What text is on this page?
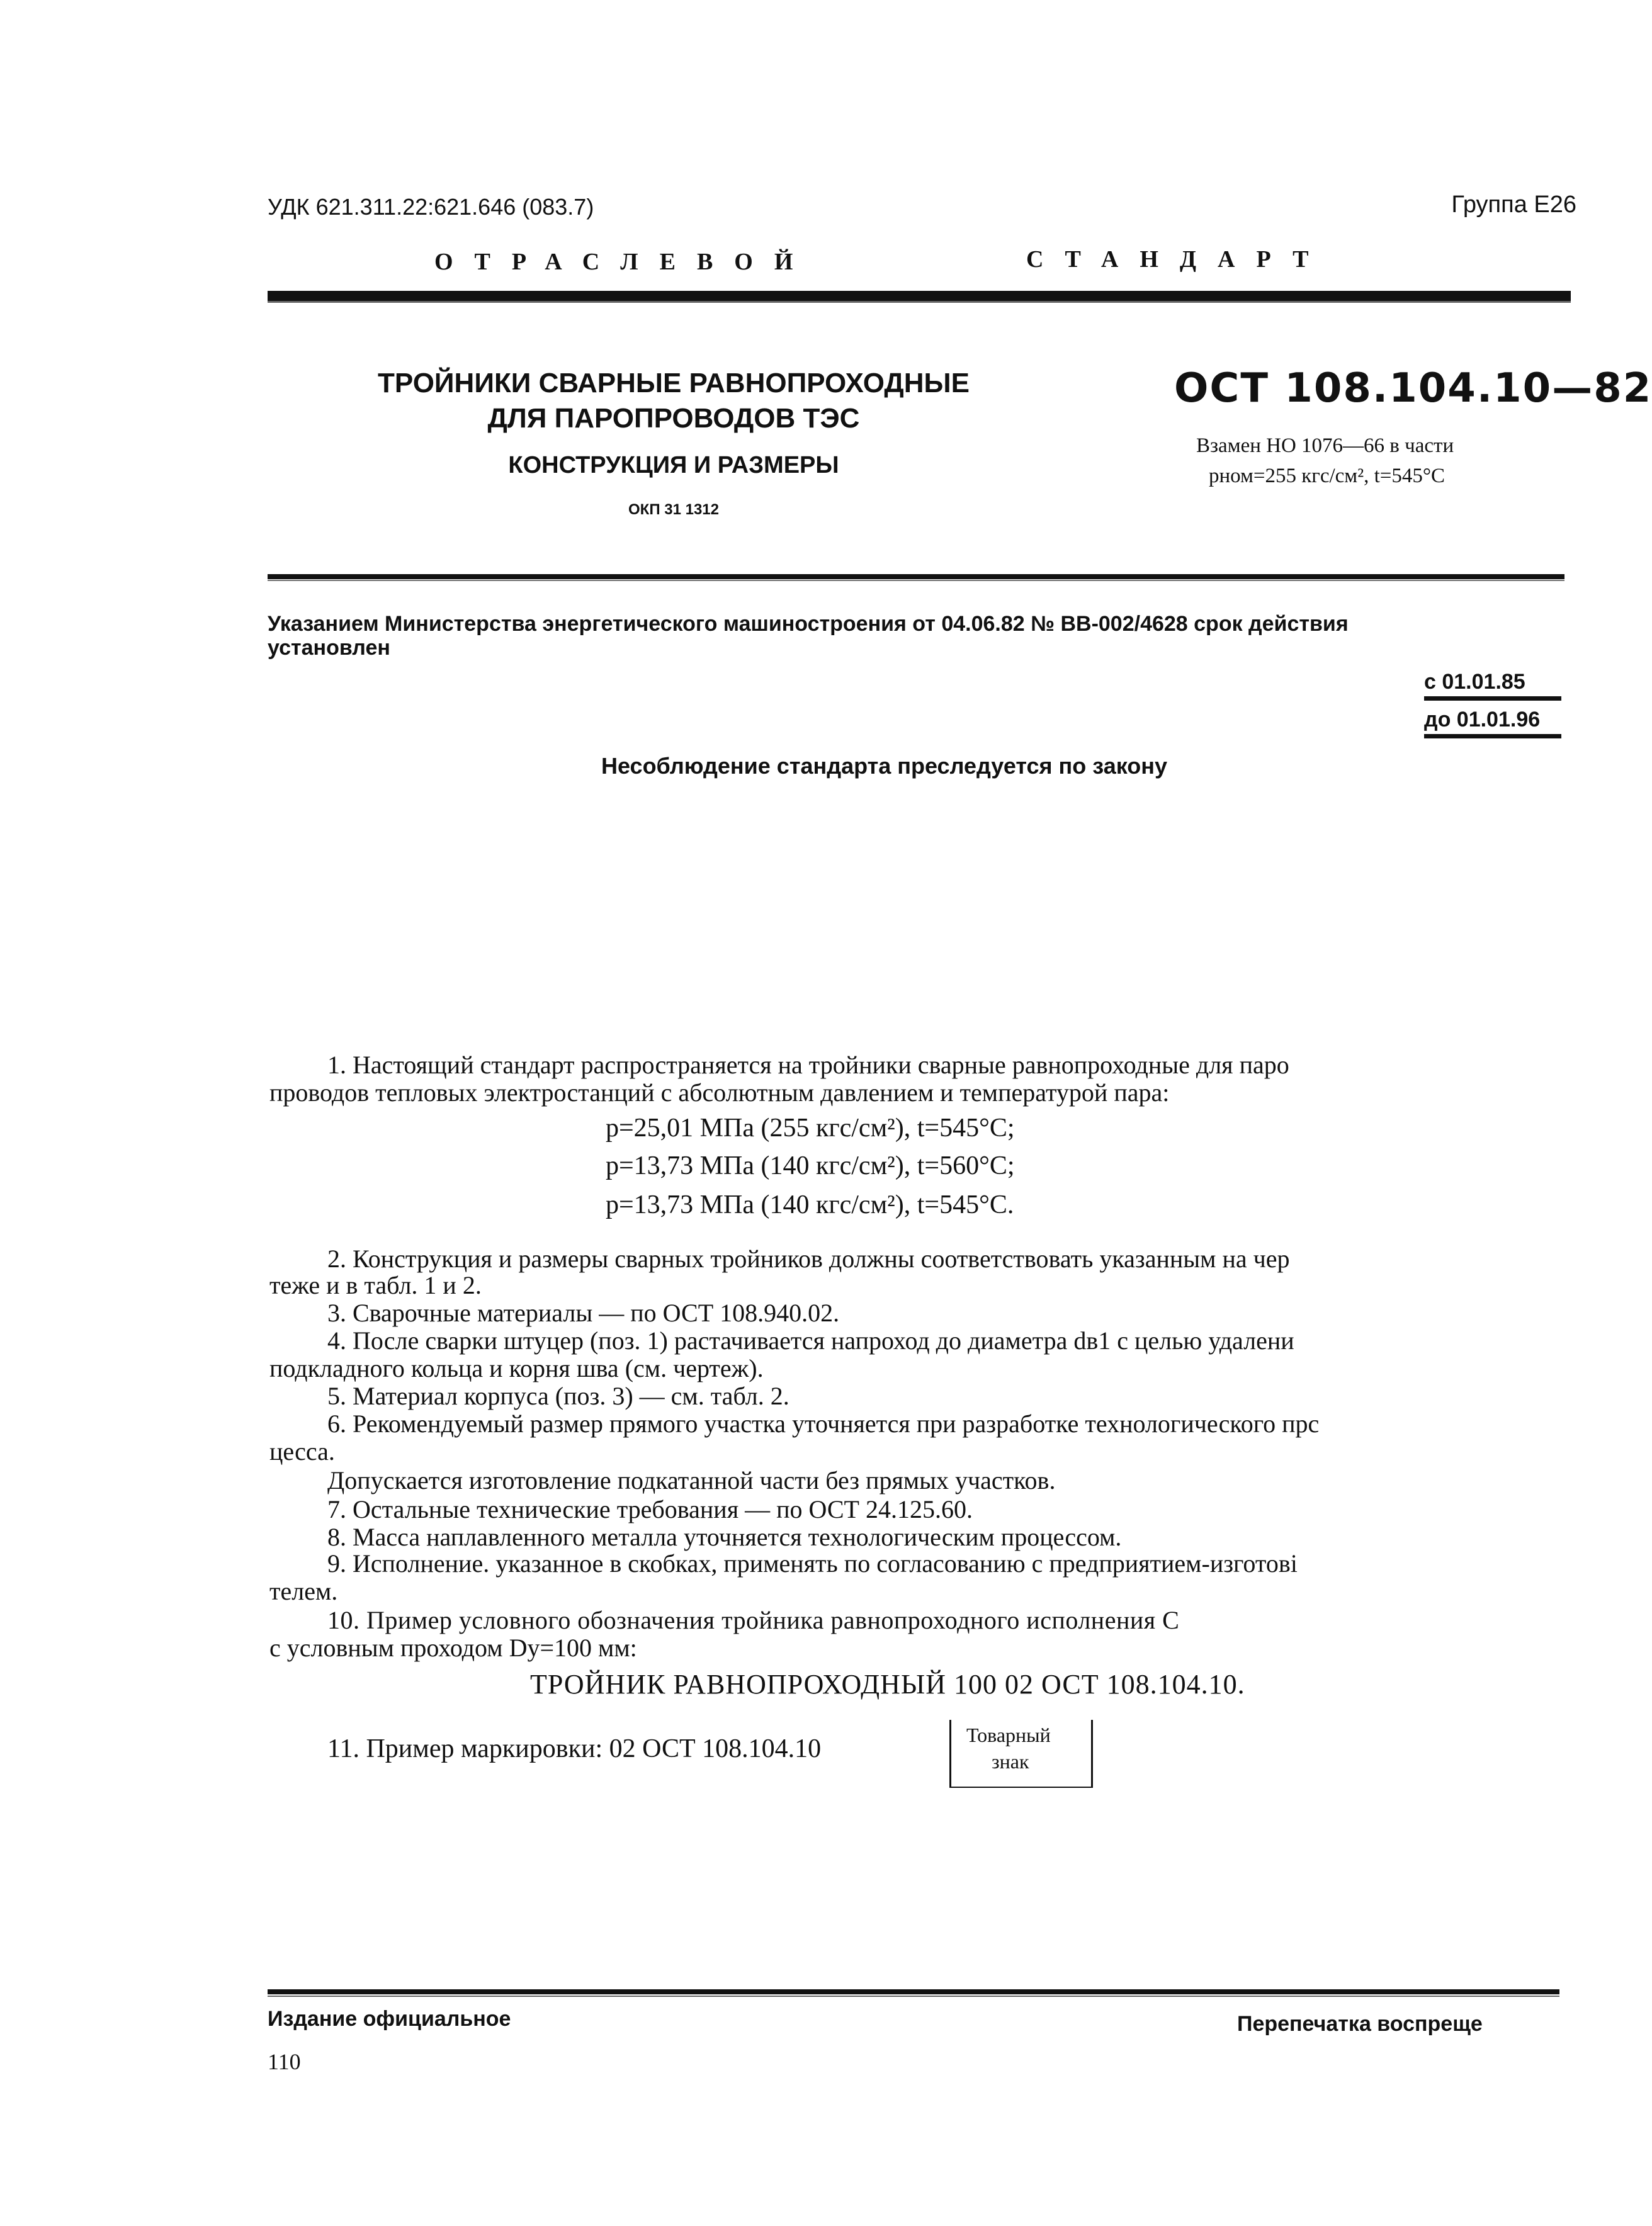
УДК 621.311.22:621.646 (083.7)	Группа Е26
ОТРАСЛЕВОЙ	СТАНДАРТ
ТРОЙНИКИ СВАРНЫЕ РАВНОПРОХОДНЫЕ
ДЛЯ ПАРОПРОВОДОВ ТЭС
КОНСТРУКЦИЯ И РАЗМЕРЫ
ОКП 31 1312
ОСТ 108.104.10—82
Взамен НО 1076—66 в части
pном=255 кгс/см², t=545°С
Указанием Министерства энергетического машиностроения от 04.06.82 № ВВ-002/4628 срок действия
установлен
с 01.01.85
до 01.01.96
Несоблюдение стандарта преследуется по закону
1. Настоящий стандарт распространяется на тройники сварные равнопроходные для паро
проводов тепловых электростанций с абсолютным давлением и температурой пара:
p=25,01 МПа (255 кгс/см²), t=545°С;
p=13,73 МПа (140 кгс/см²), t=560°С;
p=13,73 МПа (140 кгс/см²), t=545°С.
2. Конструкция и размеры сварных тройников должны соответствовать указанным на чер
теже и в табл. 1 и 2.
3. Сварочные материалы — по ОСТ 108.940.02.
4. После сварки штуцер (поз. 1) растачивается напроход до диаметра dв1 с целью удалени
подкладного кольца и корня шва (см. чертеж).
5. Материал корпуса (поз. 3) — см. табл. 2.
6. Рекомендуемый размер прямого участка уточняется при разработке технологического прс
цесса.
Допускается изготовление подкатанной части без прямых участков.
7. Остальные технические требования — по ОСТ 24.125.60.
8. Масса наплавленного металла уточняется технологическим процессом.
9. Исполнение. указанное в скобках, применять по согласованию с предприятием-изготові
телем.
10. Пример условного обозначения тройника равнопроходного исполнения С
с условным проходом Dу=100 мм:
ТРОЙНИК РАВНОПРОХОДНЫЙ 100 02 ОСТ 108.104.10.
11. Пример маркировки: 02 ОСТ 108.104.10	Товарный
знак
Издание официальное	Перепечатка воспреще
110
